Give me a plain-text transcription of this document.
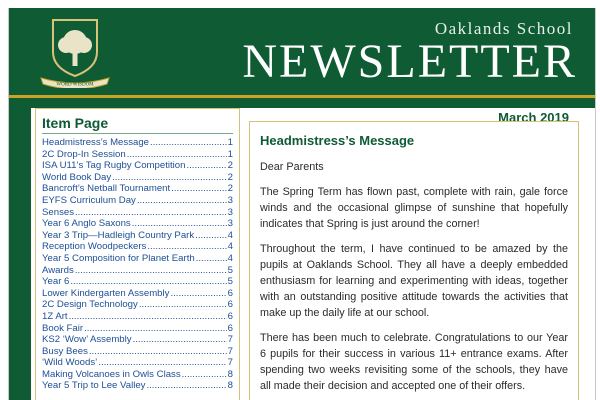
WORD WISDOM
Oaklands School
NEWSLETTER
March 2019
Item Page
Headmistress’s Message .....	1
2C Drop-In Session .....	1
ISA U11’s Tag Rugby Competition .....	2
World Book Day .....	2
Bancroft’s Netball Tournament .....	2
EYFS Curriculum Day .....	3
Senses .....	3
Year 6 Anglo Saxons .....	3
Year 3 Trip—Hadleigh Country Park .....	4
Reception Woodpeckers .....	4
Year 5 Composition for Planet Earth .....	4
Awards .....	5
Year 6 .....	5
Lower Kindergarten Assembly .....	6
2C Design Technology .....	6
1Z Art .....	6
Book Fair .....	6
KS2 ‘Wow’ Assembly .....	7
Busy Bees .....	7
‘Wild Woods’ .....	7
Making Volcanoes in Owls Class .....	8
Year 5 Trip to Lee Valley .....	8
Headmistress’s Message

Dear Parents

The Spring Term has flown past, complete with rain, gale force winds and the occasional glimpse of sunshine that hopefully indicates that Spring is just around the corner!

Throughout the term, I have continued to be amazed by the pupils at Oaklands School. They all have a deeply embedded enthusiasm for learning and experimenting with ideas, together with an outstanding positive attitude towards the activities that make up the daily life at our school.

There has been much to celebrate. Congratulations to our Year 6 pupils for their success in various 11+ entrance exams. After spending two weeks revisiting some of the schools, they have all made their decision and accepted one of their offers.
